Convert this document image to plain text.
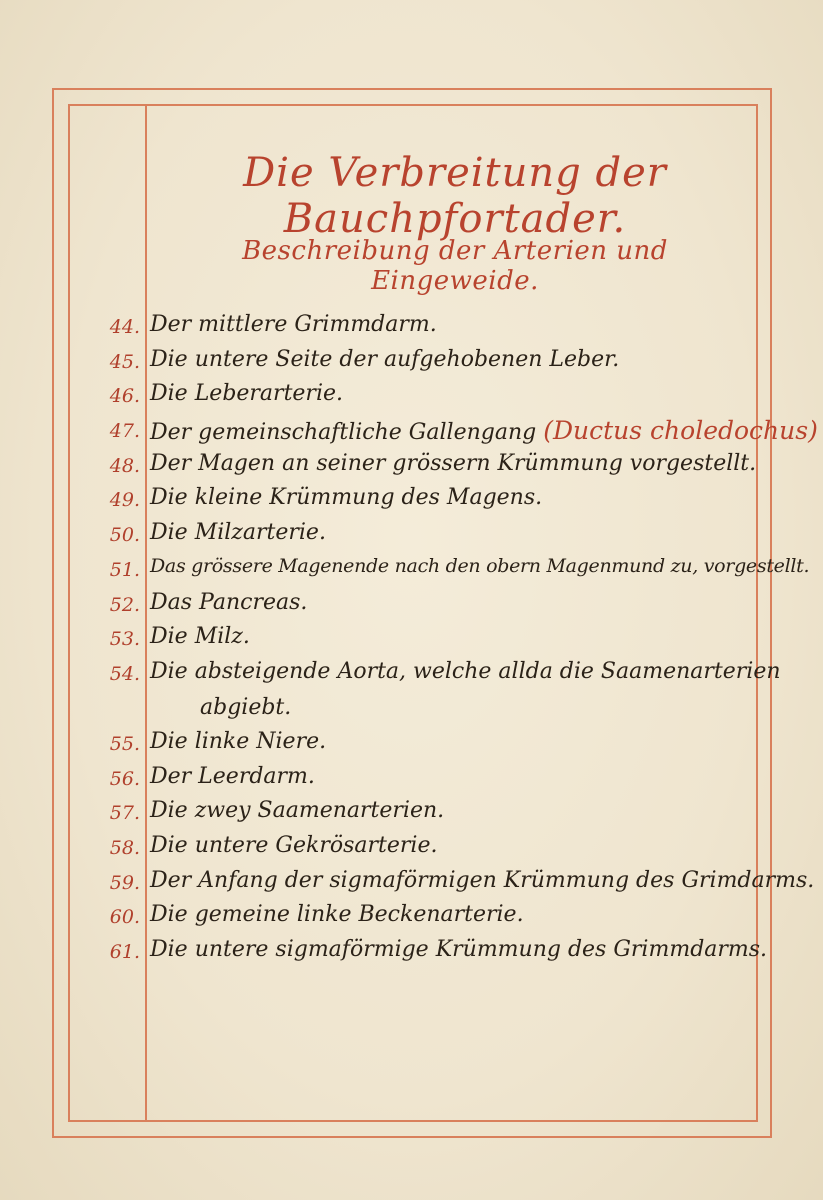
Die Verbreitung der Bauchpfortader.
Beschreibung der Arterien und Eingeweide.
44. Der mittlere Grimmdarm.
45. Die untere Seite der aufgehobenen Leber.
46. Die Leberarterie.
47. Der gemeinschaftliche Gallengang (Ductus choledochus)
48. Der Magen an seiner grössern Krümmung vorgestellt.
49. Die kleine Krümmung des Magens.
50. Die Milzarterie.
51. Das grössere Magenende nach den obern Magenmund zu, vorgestellt.
52. Das Pancreas.
53. Die Milz.
54. Die absteigende Aorta, welche allda die Saamenarterien
abgiebt.
55. Die linke Niere.
56. Der Leerdarm.
57. Die zwey Saamenarterien.
58. Die untere Gekrösarterie.
59. Der Anfang der sigmaförmigen Krümmung des Grimdarms.
60. Die gemeine linke Beckenarterie.
61. Die untere sigmaförmige Krümmung des Grimmdarms.
